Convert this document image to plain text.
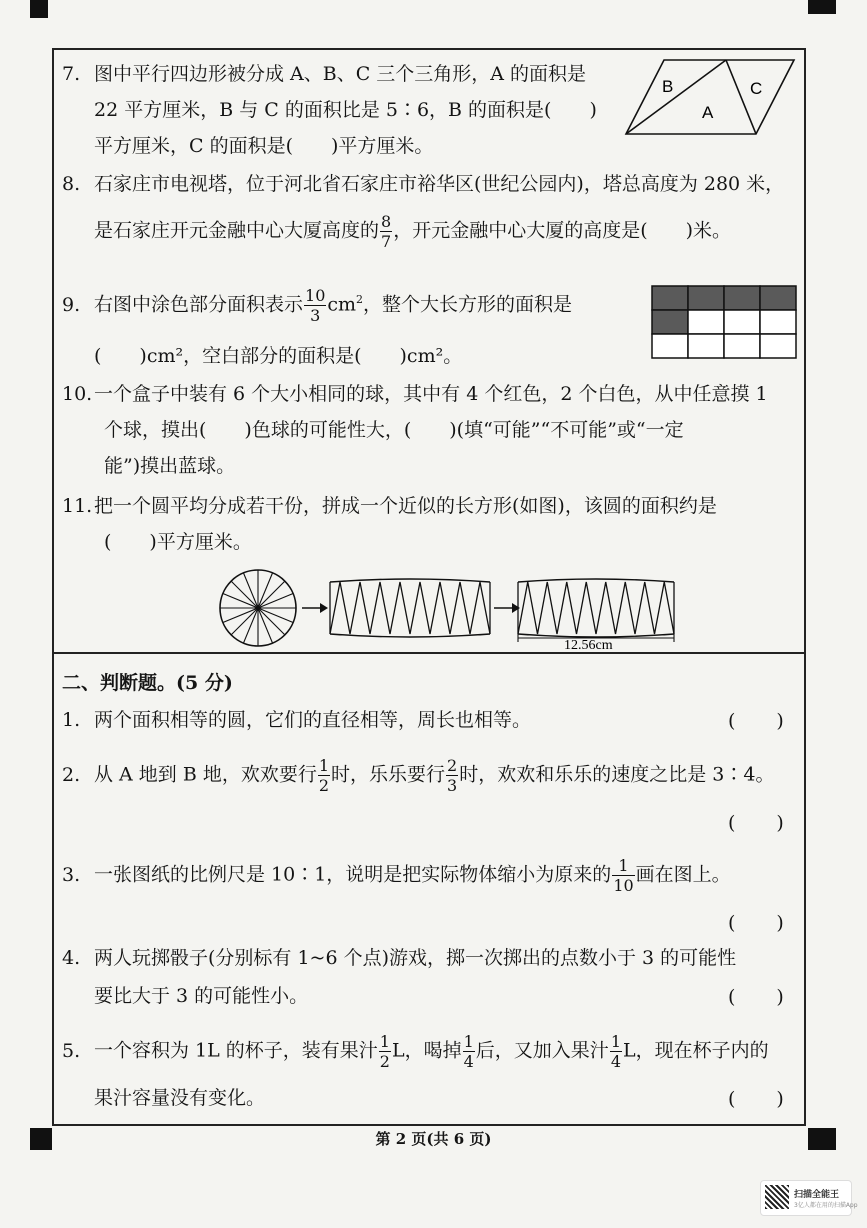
7. 图中平行四边形被分成 A、B、C 三个三角形，A 的面积是
22 平方厘米，B 与 C 的面积比是 5∶6，B 的面积是(　　)
平方厘米，C 的面积是(　　)平方厘米。
B
A
C
8. 石家庄市电视塔，位于河北省石家庄市裕华区(世纪公园内)，塔总高度为 280 米，
是石家庄开元金融中心大厦高度的 $\frac{8}{7}$ ，开元金融中心大厦的高度是(　　)米。
9. 右图中涂色部分面积表示 $\frac{10}{3} cm^2$，整个大长方形的面积是
(　　)cm²，空白部分的面积是(　　)cm²。
10.一个盒子中装有 6 个大小相同的球，其中有 4 个红色，2 个白色，从中任意摸 1
个球，摸出(　　)色球的可能性大，(　　)(填“可能”“不可能”或“一定
能”)摸出蓝球。
11.把一个圆平均分成若干份，拼成一个近似的长方形(如图)，该圆的面积约是
(　　)平方厘米。
12.56cm
二、判断题。(5 分)
1. 两个面积相等的圆，它们的直径相等，周长也相等。	(　　)
2. 从 A 地到 B 地，欢欢要行 $\frac{1}{2}$ 时，乐乐要行 $\frac{2}{3}$ 时，欢欢和乐乐的速度之比是 3∶4。
(　　)
3. 一张图纸的比例尺是 10∶1，说明是把实际物体缩小为原来的 $\frac{1}{10}$ 画在图上。
(　　)
4. 两人玩掷骰子(分别标有 1~6 个点)游戏，掷一次掷出的点数小于 3 的可能性
要比大于 3 的可能性小。	(　　)
5. 一个容积为 1L 的杯子，装有果汁 $\frac{1}{2}$ L，喝掉 $\frac{1}{4}$ 后，又加入果汁 $\frac{1}{4}$ L，现在杯子内的
果汁容量没有变化。	(　　)
第 2 页(共 6 页)
扫描全能王
3亿人都在用的扫描App
